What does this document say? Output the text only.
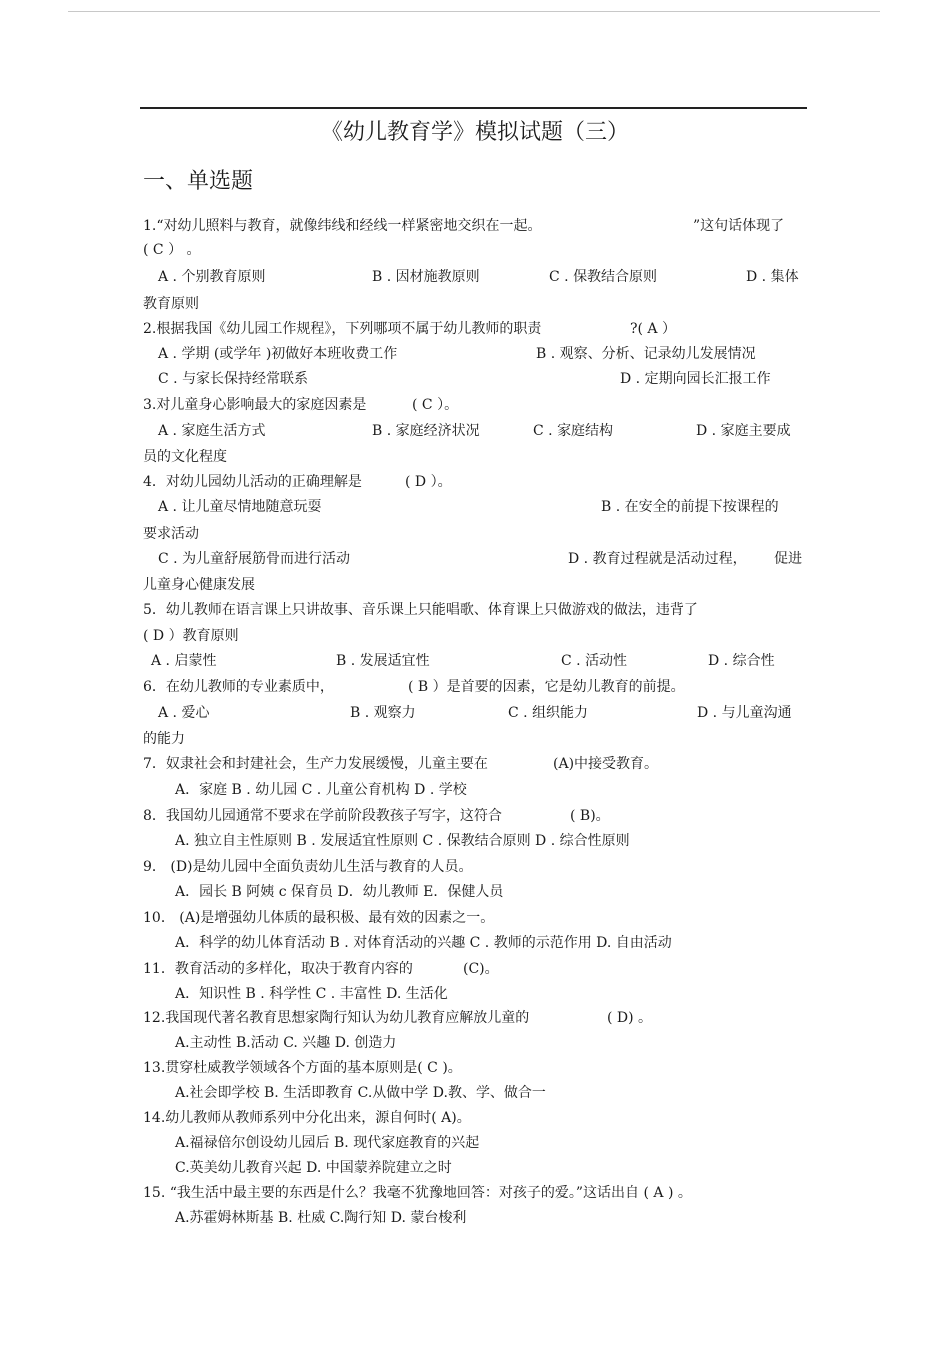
《幼儿教育学》模拟试题（三）
一、单选题
1.“对幼儿照料与教育，就像纬线和经线一样紧密地交织在一起。	”这句话体现了
( C ） 。
A . 个别教育原则	B . 因材施教原则	C . 保教结合原则	D . 集体
教育原则
2.根据我国《幼儿园工作规程》，下列哪项不属于幼儿教师的职责	?( A ）
A . 学期 (或学年 )初做好本班收费工作	B . 观察、分析、记录幼儿发展情况
C . 与家长保持经常联系	D . 定期向园长汇报工作
3.对儿童身心影响最大的家庭因素是	( C ）。
A . 家庭生活方式	B . 家庭经济状况	C . 家庭结构	D . 家庭主要成
员的文化程度
4．对幼儿园幼儿活动的正确理解是	( D ）。
A . 让儿童尽情地随意玩耍	B . 在安全的前提下按课程的
要求活动
C . 为儿童舒展筋骨而进行活动	D . 教育过程就是活动过程， 促进
儿童身心健康发展
5．幼儿教师在语言课上只讲故事、音乐课上只能唱歌、体育课上只做游戏的做法，违背了
( D ）教育原则
A . 启蒙性	B . 发展适宜性	C . 活动性	D . 综合性
6．在幼儿教师的专业素质中，	( B ）是首要的因素，它是幼儿教育的前提。
A . 爱心	B . 观察力	C . 组织能力	D . 与儿童沟通
的能力
7．奴隶社会和封建社会，生产力发展缓慢，儿童主要在	(A)中接受教育。
A．家庭 B . 幼儿园 C . 儿童公育机构 D . 学校
8．我国幼儿园通常不要求在学前阶段教孩子写字，这符合	( B)。
A. 独立自主性原则 B . 发展适宜性原则 C . 保教结合原则 D . 综合性原则
9． (D)是幼儿园中全面负责幼儿生活与教育的人员。
A．园长 B 阿姨 c 保育员 D．幼儿教师 E．保健人员
10． (A)是增强幼儿体质的最积极、最有效的因素之一。
A．科学的幼儿体育活动 B . 对体育活动的兴趣 C . 教师的示范作用 D. 自由活动
11．教育活动的多样化，取决于教育内容的	(C)。
A．知识性 B . 科学性 C . 丰富性 D. 生活化
12.我国现代著名教育思想家陶行知认为幼儿教育应解放儿童的	( D) 。
A.主动性 B.活动 C. 兴趣 D. 创造力
13.贯穿杜威教学领域各个方面的基本原则是( C )。
A.社会即学校 B. 生活即教育 C.从做中学 D.教、学、做合一
14.幼儿教师从教师系列中分化出来，源自何时( A)。
A.福禄倍尔创设幼儿园后 B. 现代家庭教育的兴起
C.英美幼儿教育兴起 D. 中国蒙养院建立之时
15. “我生活中最主要的东西是什么？我毫不犹豫地回答：对孩子的爱。”这话出自 ( A ) 。
A.苏霍姆林斯基 B. 杜威 C.陶行知 D. 蒙台梭利
